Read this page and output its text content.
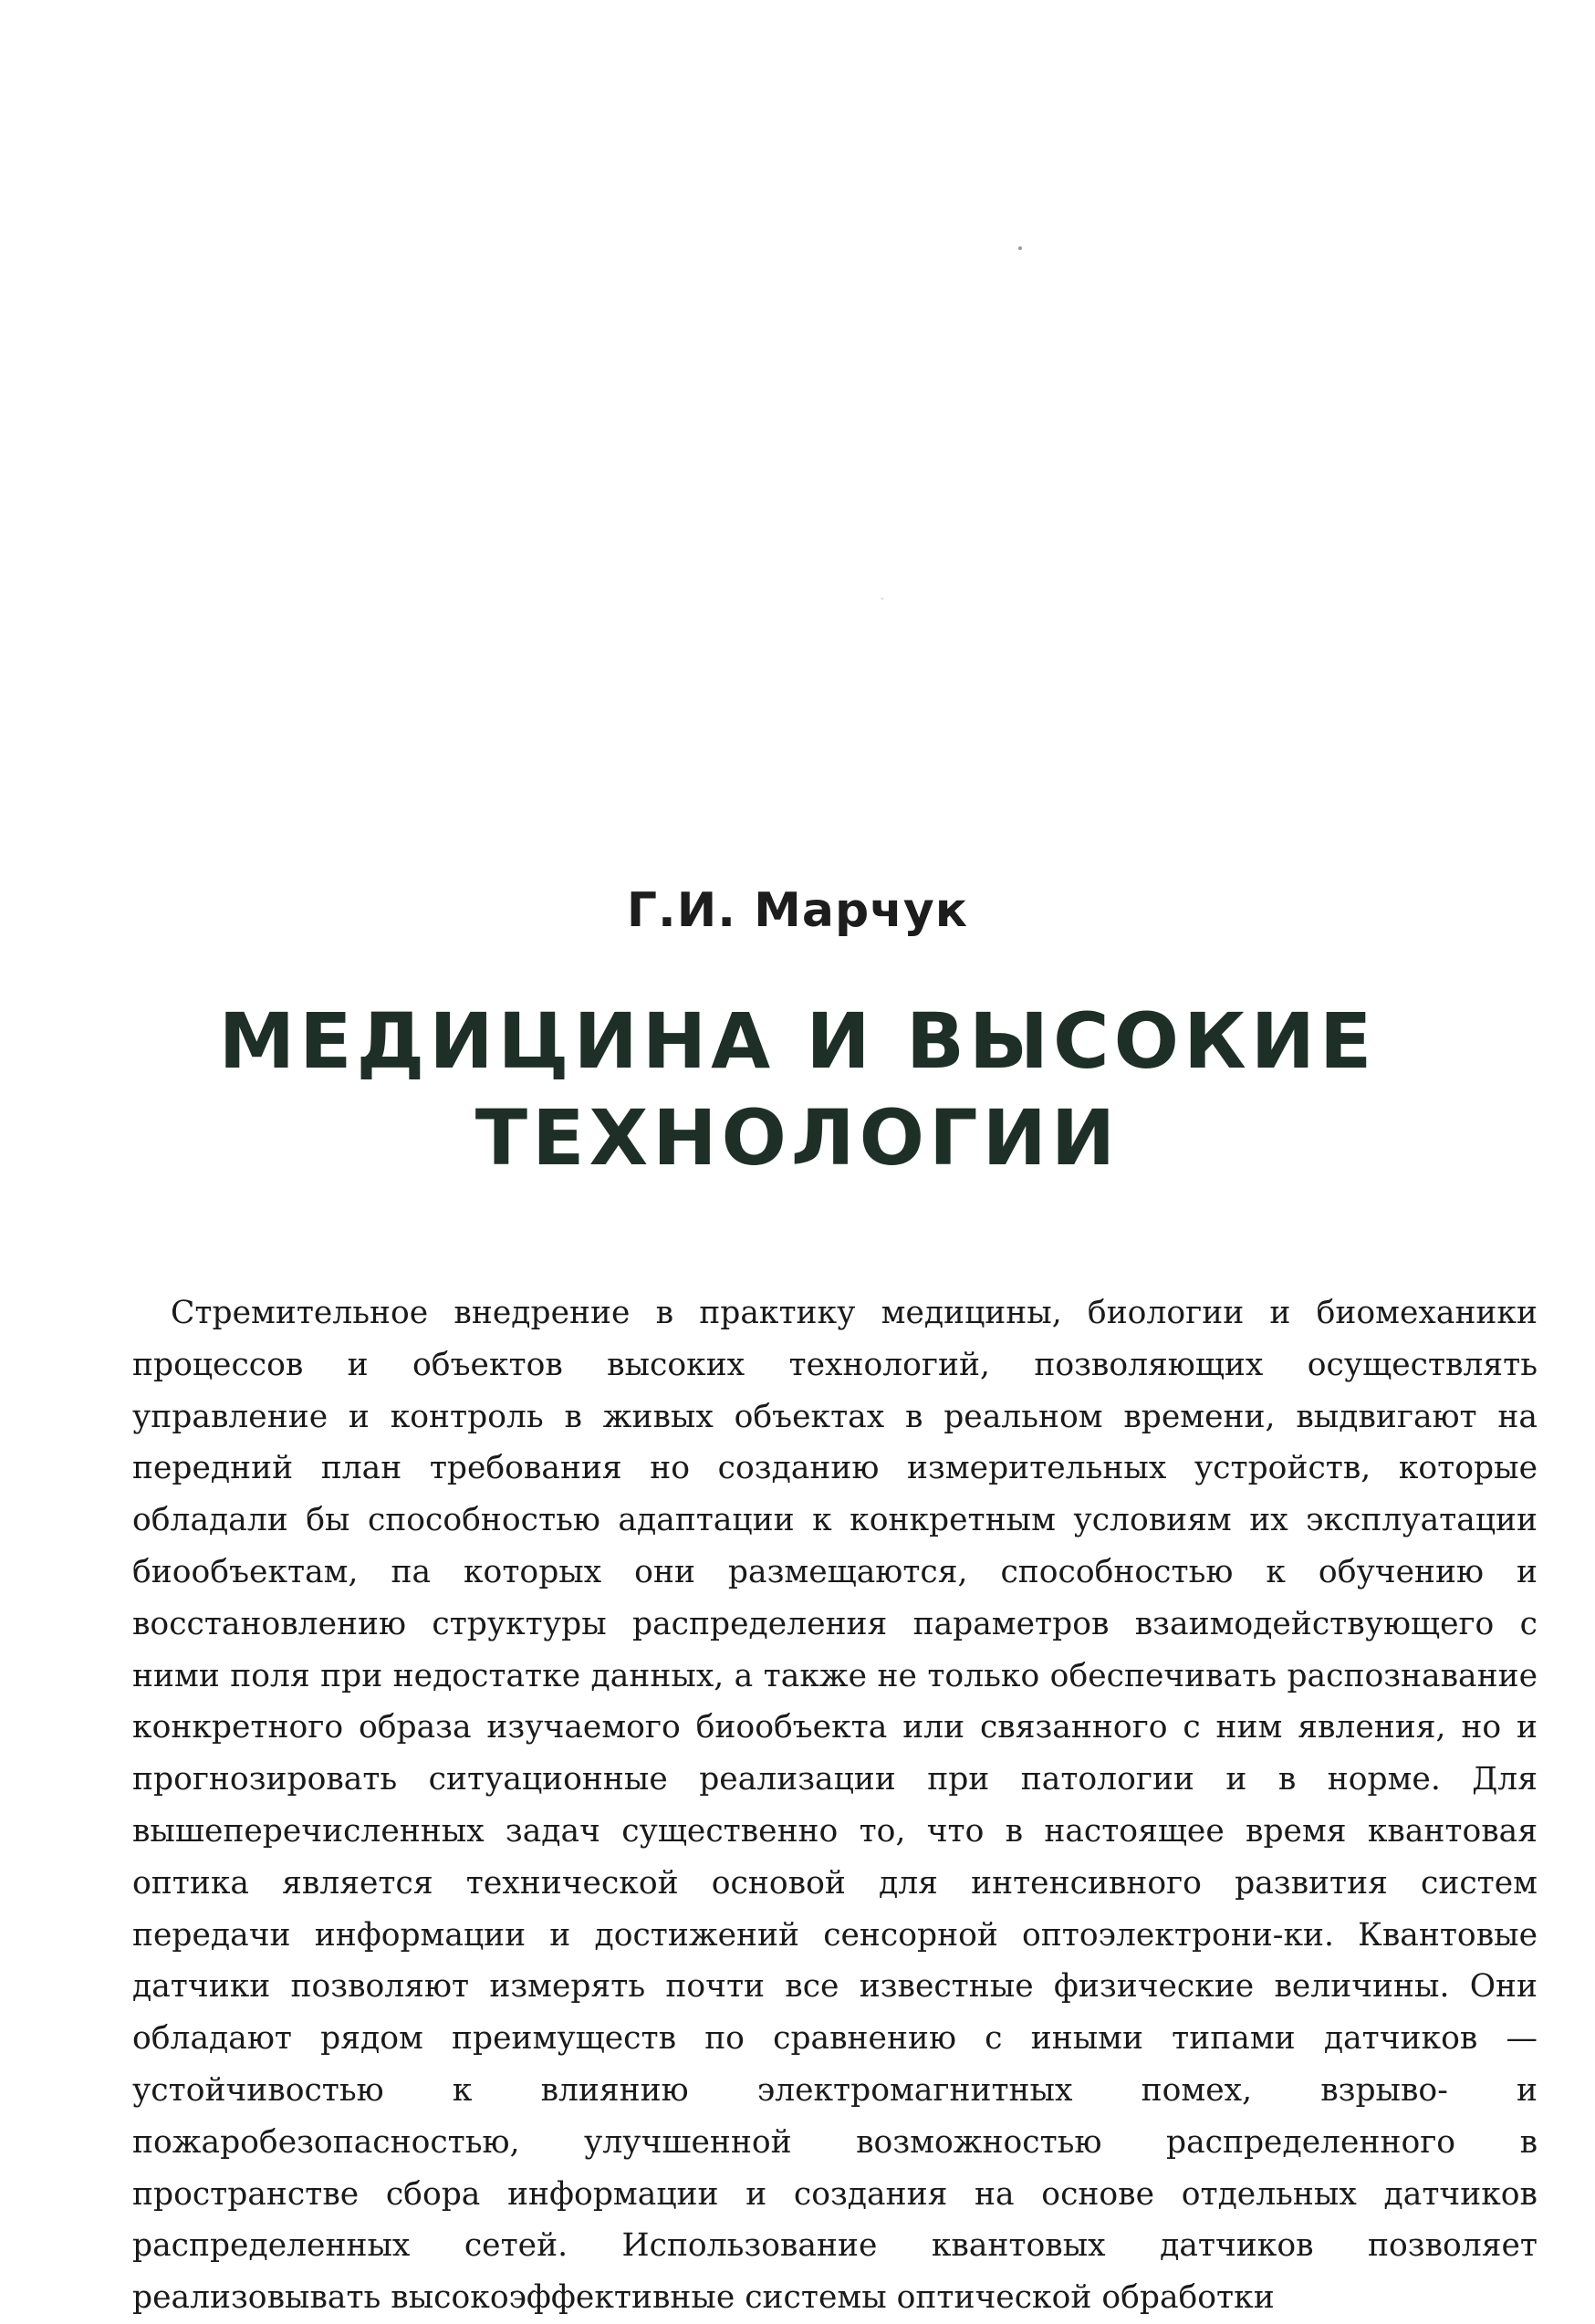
Г.И. Марчук
МЕДИЦИНА И ВЫСОКИЕ
ТЕХНОЛОГИИ

Стремительное внедрение в практику медицины, биологии и биомеханики процессов и объектов высоких технологий, позволяющих осуществлять управление и контроль в живых объектах в реальном времени, выдвигают на передний план требования но созданию измерительных устройств, которые обладали бы способностью адаптации к конкретным условиям их эксплуатации биообъектам, па которых они размещаются, способностью к обучению и восстановлению структуры распределения параметров взаимодействующего с ними поля при недостатке данных, а также не только обеспечивать распознавание конкретного образа изучаемого биообъекта или связанного с ним явления, но и прогнозировать ситуационные реализации при патологии и в норме. Для вышеперечисленных задач существенно то, что в настоящее время квантовая оптика является технической основой для интенсивного развития систем передачи информации и достижений сенсорной оптоэлектрони-ки. Квантовые датчики позволяют измерять почти все известные физические величины. Они обладают рядом преимуществ по сравнению с иными типами датчиков — устойчивостью к влиянию электромагнитных помех, взрыво- и пожаробезопасностью, улучшенной возможностью распределенного в пространстве сбора информации и создания на основе отдельных датчиков распределенных сетей. Использование квантовых датчиков позволяет реализовывать высокоэффективные системы оптической обработки
